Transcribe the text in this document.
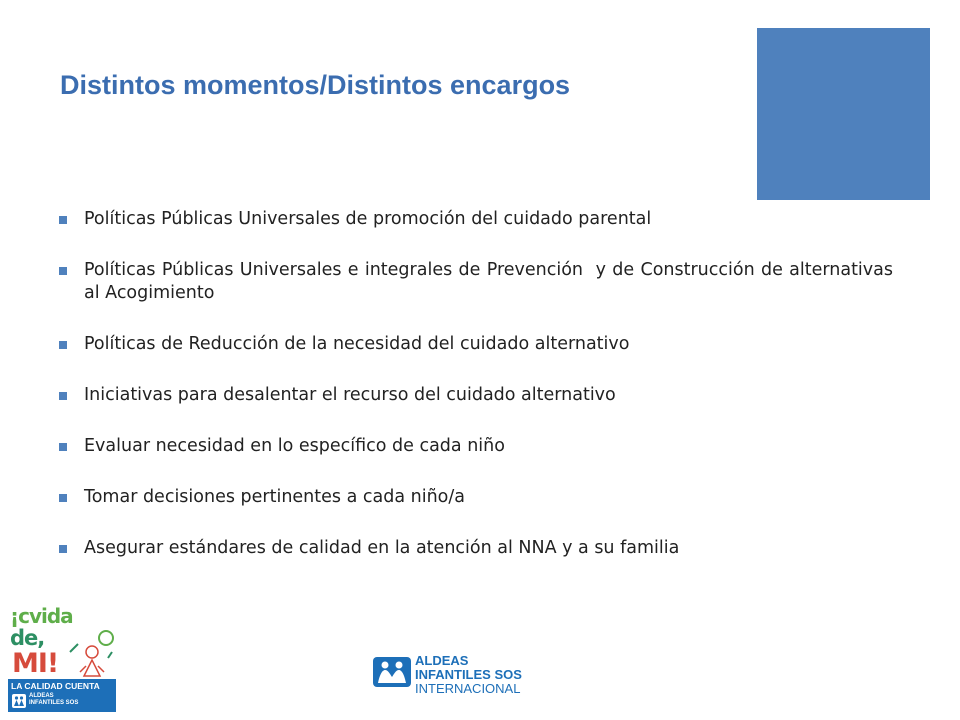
Distintos momentos/Distintos encargos
Políticas Públicas Universales de promoción del cuidado parental
Políticas Públicas Universales e integrales de Prevención  y de Construcción de alternativas al Acogimiento
Políticas de Reducción de la necesidad del cuidado alternativo
Iniciativas para desalentar el recurso del cuidado alternativo
Evaluar necesidad en lo específico de cada niño
Tomar decisiones pertinentes a cada niño/a
Asegurar estándares de calidad en la atención al NNA y a su familia
¡cvida
de,
MI!
LA CALIDAD CUENTA
ALDEAS
INFANTILES SOS
ALDEAS
INFANTILES SOS
INTERNACIONAL
